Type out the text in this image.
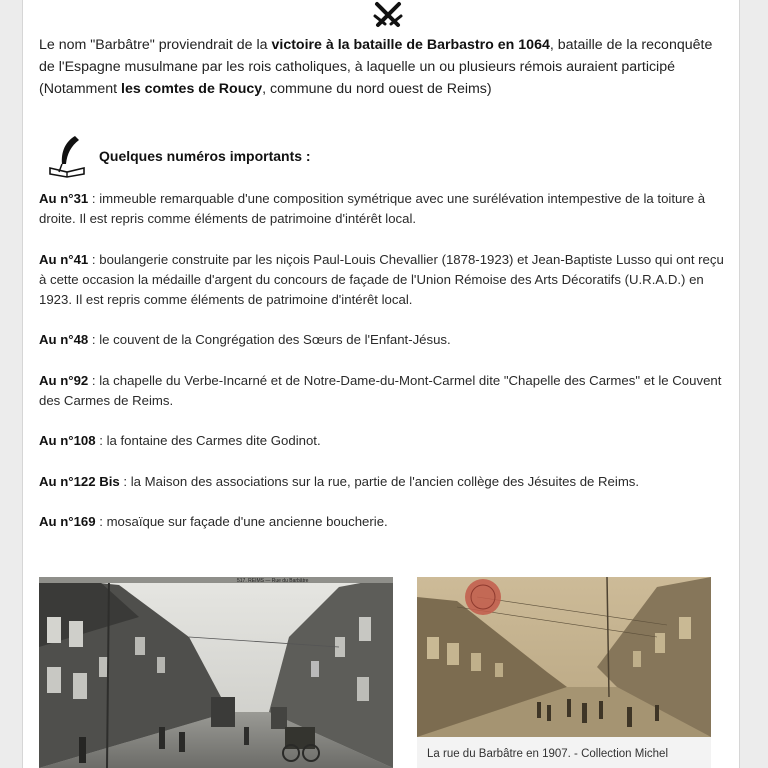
Le nom "Barbâtre" proviendrait de la victoire à la bataille de Barbastro en 1064, bataille de la reconquête de l'Espagne musulmane par les rois catholiques, à laquelle un ou plusieurs rémois auraient participé (Notamment les comtes de Roucy, commune du nord ouest de Reims)
Quelques numéros importants :
Au n°31 : immeuble remarquable d'une composition symétrique avec une surélévation intempestive de la toiture à droite. Il est repris comme éléments de patrimoine d'intérêt local.
Au n°41 : boulangerie construite par les niçois Paul-Louis Chevallier (1878-1923) et Jean-Baptiste Lusso qui ont reçu à cette occasion la médaille d'argent du concours de façade de l'Union Rémoise des Arts Décoratifs (U.R.A.D.) en 1923. Il est repris comme éléments de patrimoine d'intérêt local.
Au n°48 : le couvent de la Congrégation des Sœurs de l'Enfant-Jésus.
Au n°92 : la chapelle du Verbe-Incarné et de Notre-Dame-du-Mont-Carmel dite "Chapelle des Carmes" et le Couvent des Carmes de Reims.
Au n°108 : la fontaine des Carmes dite Godinot.
Au n°122 Bis : la Maison des associations sur la rue, partie de l'ancien collège des Jésuites de Reims.
Au n°169 : mosaïque sur façade d'une ancienne boucherie.
517. REIMS — Rue du Barbâtre
La rue du Barbâtre en 1907. - Collection Michel
